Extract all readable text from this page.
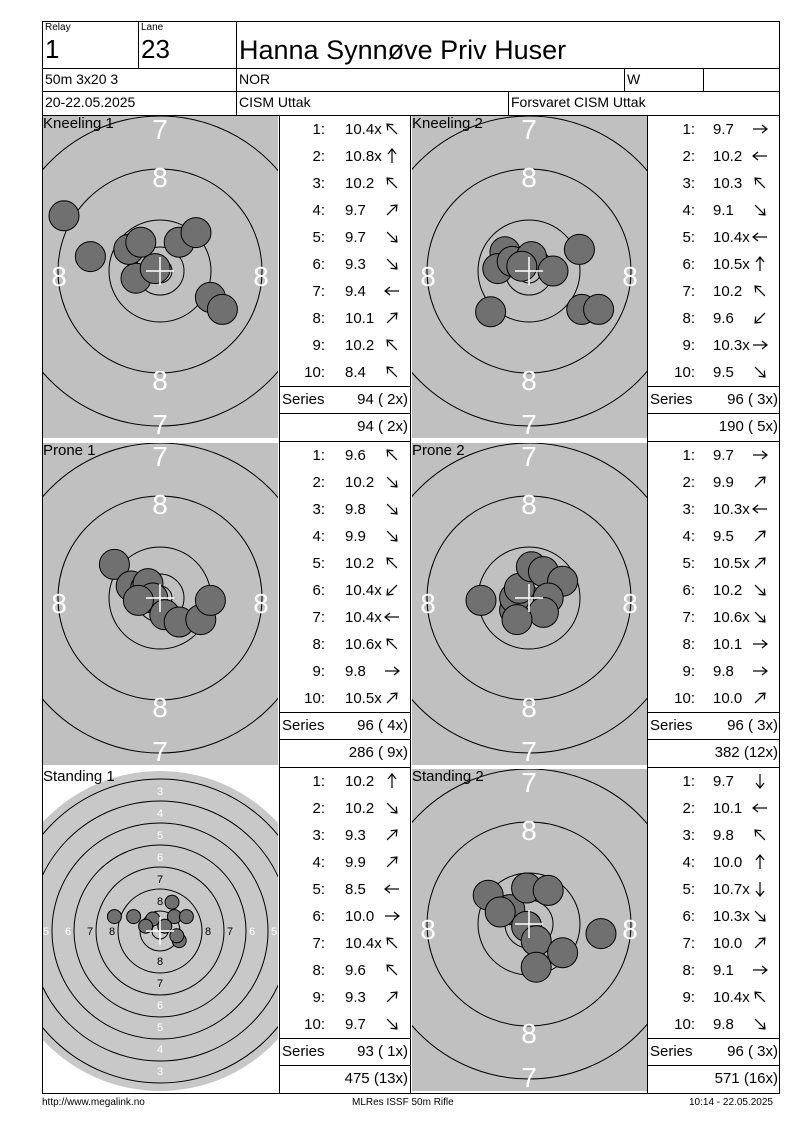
Relay
1
Lane
23	Hanna Synnøve Priv Huser
50m 3x20 3	NOR	W
20-22.05.2025	CISM Uttak	Forsvaret CISM Uttak
7
8
8
7
8	8
Kneeling 1	7
8
8
7
8	8
Kneeling 2
7
8
8
7
8	8
Prone 1	7
8
8
7
8	8
Prone 2
3
3
4
4
5
5
6
6
7
7
8
8
5	5
6	6
7	7
8	8
Standing 1	7
8
8
7
8	8
Standing 2
1: 10.4x
2: 10.8x
3: 10.2
4: 9.7
5: 9.7
6: 9.3
7: 9.4
8: 10.1
9: 10.2
10: 8.4
Series 94 ( 2x)
94 ( 2x)
1: 9.7
2: 10.2
3: 10.3
4: 9.1
5: 10.4x
6: 10.5x
7: 10.2
8: 9.6
9: 10.3x
10: 9.5
Series 96 ( 3x)
190 ( 5x)
1: 9.6
2: 10.2
3: 9.8
4: 9.9
5: 10.2
6: 10.4x
7: 10.4x
8: 10.6x
9: 9.8
10: 10.5x
Series 96 ( 4x)
286 ( 9x)
1: 9.7
2: 9.9
3: 10.3x
4: 9.5
5: 10.5x
6: 10.2
7: 10.6x
8: 10.1
9: 9.8
10: 10.0
Series 96 ( 3x)
382 (12x)
1: 10.2
2: 10.2
3: 9.3
4: 9.9
5: 8.5
6: 10.0
7: 10.4x
8: 9.6
9: 9.3
10: 9.7
Series 93 ( 1x)
475 (13x)
1: 9.7
2: 10.1
3: 9.8
4: 10.0
5: 10.7x
6: 10.3x
7: 10.0
8: 9.1
9: 10.4x
10: 9.8
Series 96 ( 3x)
571 (16x)
http://www.megalink.no	MLRes ISSF 50m Rifle	10:14 - 22.05.2025
